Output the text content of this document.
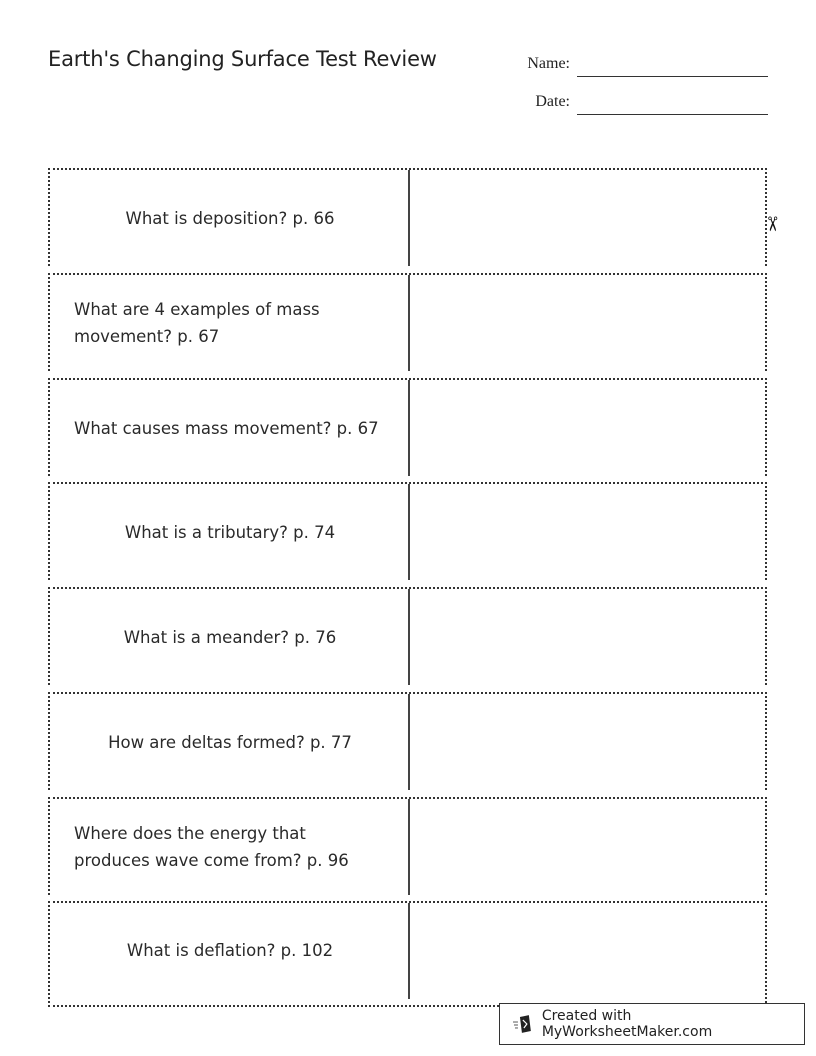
Earth's Changing Surface Test Review	Name:
Date:
What is deposition? p. 66
What are 4 examples of mass movement? p. 67
What causes mass movement? p. 67
What is a tributary? p. 74
What is a meander? p. 76
How are deltas formed? p. 77
Where does the energy that produces wave come from? p. 96
What is deflation? p. 102
✂
Created with MyWorksheetMaker.com
